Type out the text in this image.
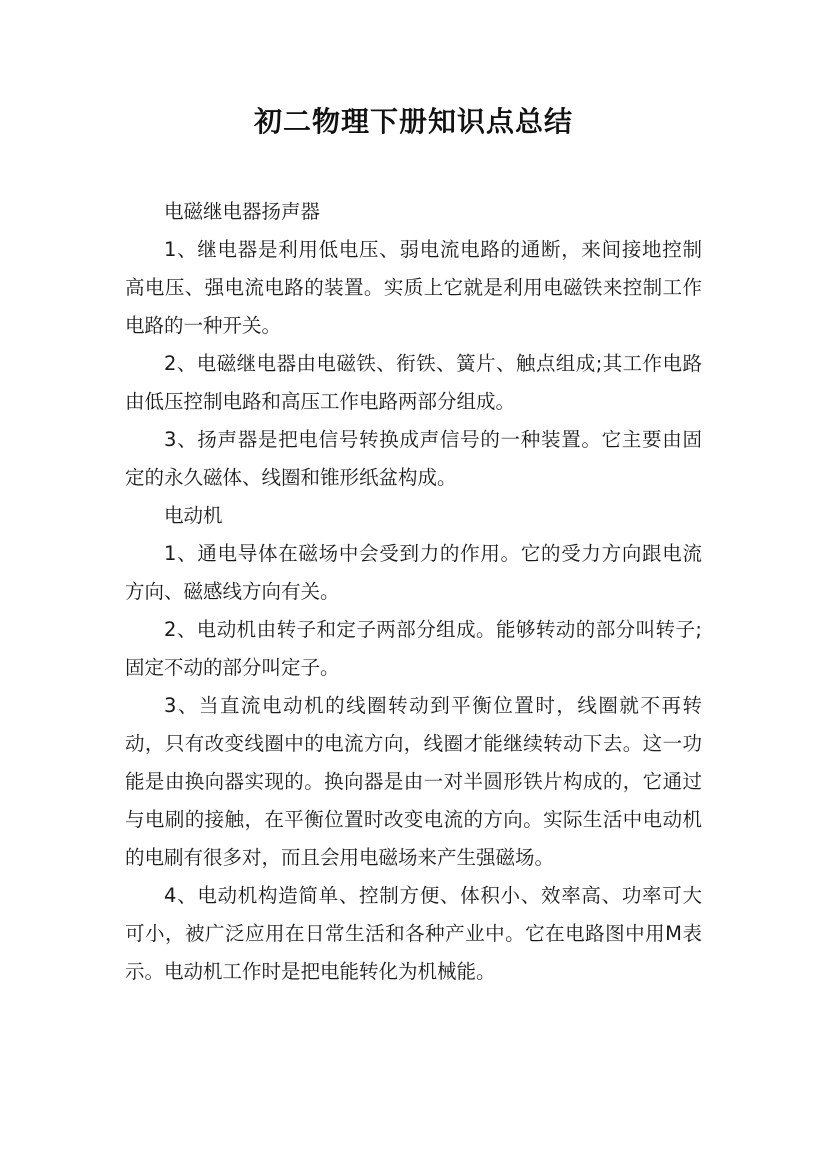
初二物理下册知识点总结

电磁继电器扬声器

1、继电器是利用低电压、弱电流电路的通断，来间接地控制高电压、强电流电路的装置。实质上它就是利用电磁铁来控制工作电路的一种开关。

2、电磁继电器由电磁铁、衔铁、簧片、触点组成;其工作电路由低压控制电路和高压工作电路两部分组成。

3、扬声器是把电信号转换成声信号的一种装置。它主要由固定的永久磁体、线圈和锥形纸盆构成。

电动机

1、通电导体在磁场中会受到力的作用。它的受力方向跟电流方向、磁感线方向有关。

2、电动机由转子和定子两部分组成。能够转动的部分叫转子;固定不动的部分叫定子。

3、当直流电动机的线圈转动到平衡位置时，线圈就不再转动，只有改变线圈中的电流方向，线圈才能继续转动下去。这一功能是由换向器实现的。换向器是由一对半圆形铁片构成的，它通过与电刷的接触，在平衡位置时改变电流的方向。实际生活中电动机的电刷有很多对，而且会用电磁场来产生强磁场。

4、电动机构造简单、控制方便、体积小、效率高、功率可大可小，被广泛应用在日常生活和各种产业中。它在电路图中用M表示。电动机工作时是把电能转化为机械能。
